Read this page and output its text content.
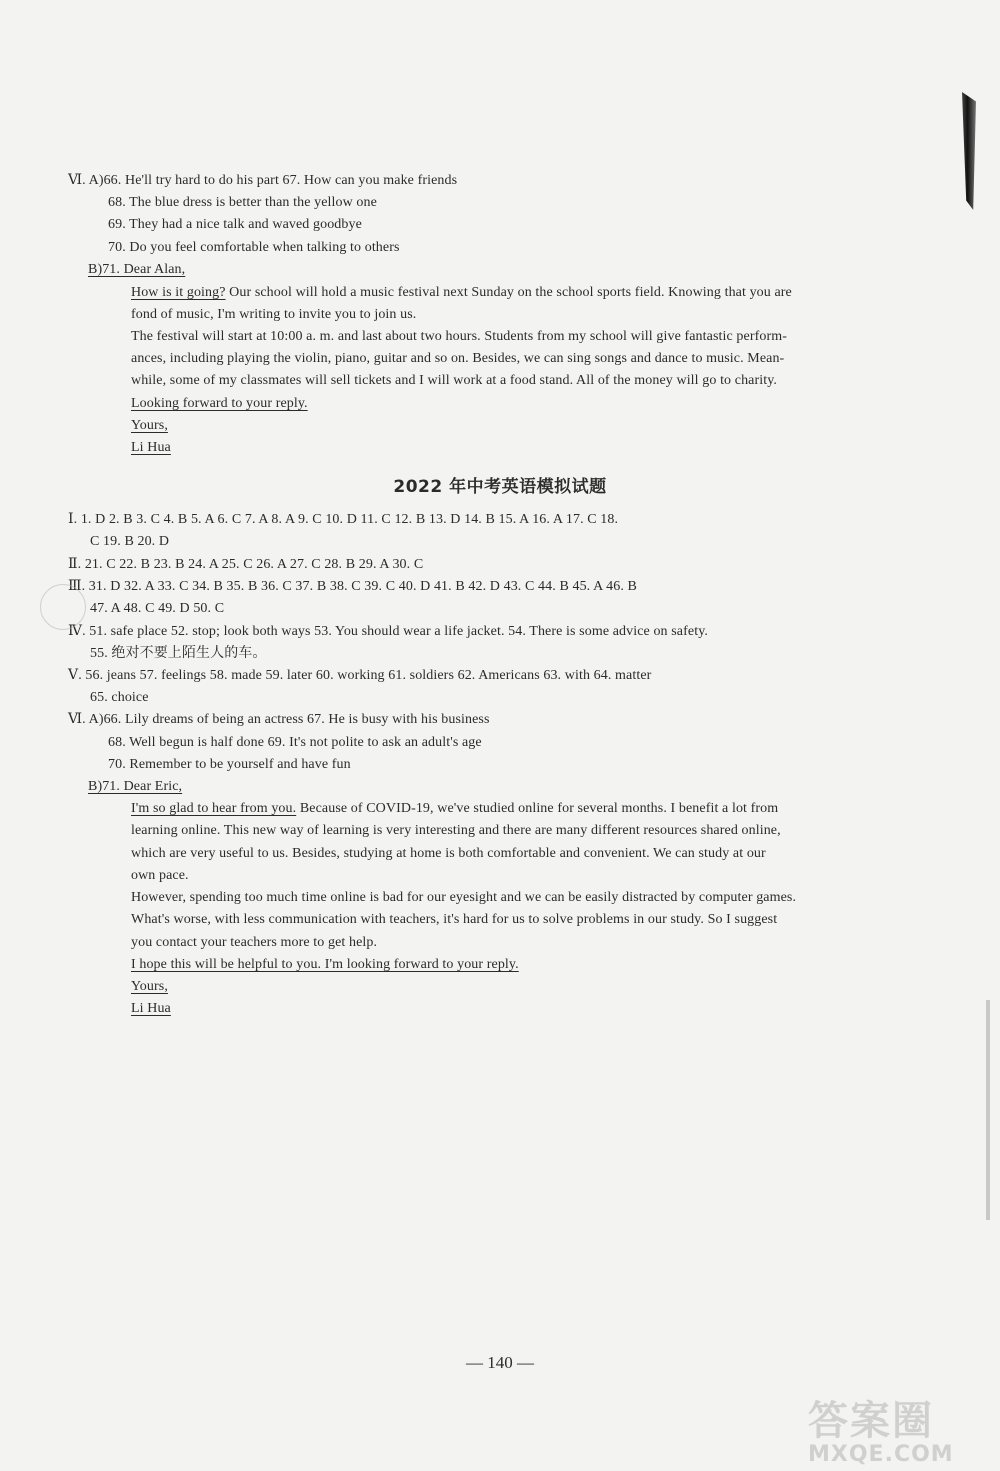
Ⅵ. A)66. He'll try hard to do his part 67. How can you make friends
68. The blue dress is better than the yellow one
69. They had a nice talk and waved goodbye
70. Do you feel comfortable when talking to others
B)71. Dear Alan,
How is it going? Our school will hold a music festival next Sunday on the school sports field. Knowing that you are
fond of music, I'm writing to invite you to join us.
The festival will start at 10:00 a. m. and last about two hours. Students from my school will give fantastic perform-
ances, including playing the violin, piano, guitar and so on. Besides, we can sing songs and dance to music. Mean-
while, some of my classmates will sell tickets and I will work at a food stand. All of the money will go to charity.
Looking forward to your reply.
Yours,
Li Hua
2022 年中考英语模拟试题
Ⅰ. 1. D 2. B 3. C 4. B 5. A 6. C 7. A 8. A 9. C 10. D 11. C 12. B 13. D 14. B 15. A 16. A 17. C 18.
C 19. B 20. D
Ⅱ. 21. C 22. B 23. B 24. A 25. C 26. A 27. C 28. B 29. A 30. C
Ⅲ. 31. D 32. A 33. C 34. B 35. B 36. C 37. B 38. C 39. C 40. D 41. B 42. D 43. C 44. B 45. A 46. B
47. A 48. C 49. D 50. C
Ⅳ. 51. safe place 52. stop; look both ways 53. You should wear a life jacket. 54. There is some advice on safety.
55. 绝对不要上陌生人的车。
Ⅴ. 56. jeans 57. feelings 58. made 59. later 60. working 61. soldiers 62. Americans 63. with 64. matter
65. choice
Ⅵ. A)66. Lily dreams of being an actress 67. He is busy with his business
68. Well begun is half done 69. It's not polite to ask an adult's age
70. Remember to be yourself and have fun
B)71. Dear Eric,
I'm so glad to hear from you. Because of COVID-19, we've studied online for several months. I benefit a lot from
learning online. This new way of learning is very interesting and there are many different resources shared online,
which are very useful to us. Besides, studying at home is both comfortable and convenient. We can study at our
own pace.
However, spending too much time online is bad for our eyesight and we can be easily distracted by computer games.
What's worse, with less communication with teachers, it's hard for us to solve problems in our study. So I suggest
you contact your teachers more to get help.
I hope this will be helpful to you. I'm looking forward to your reply.
Yours,
Li Hua
— 140 —
答案圈
MXQE.COM
